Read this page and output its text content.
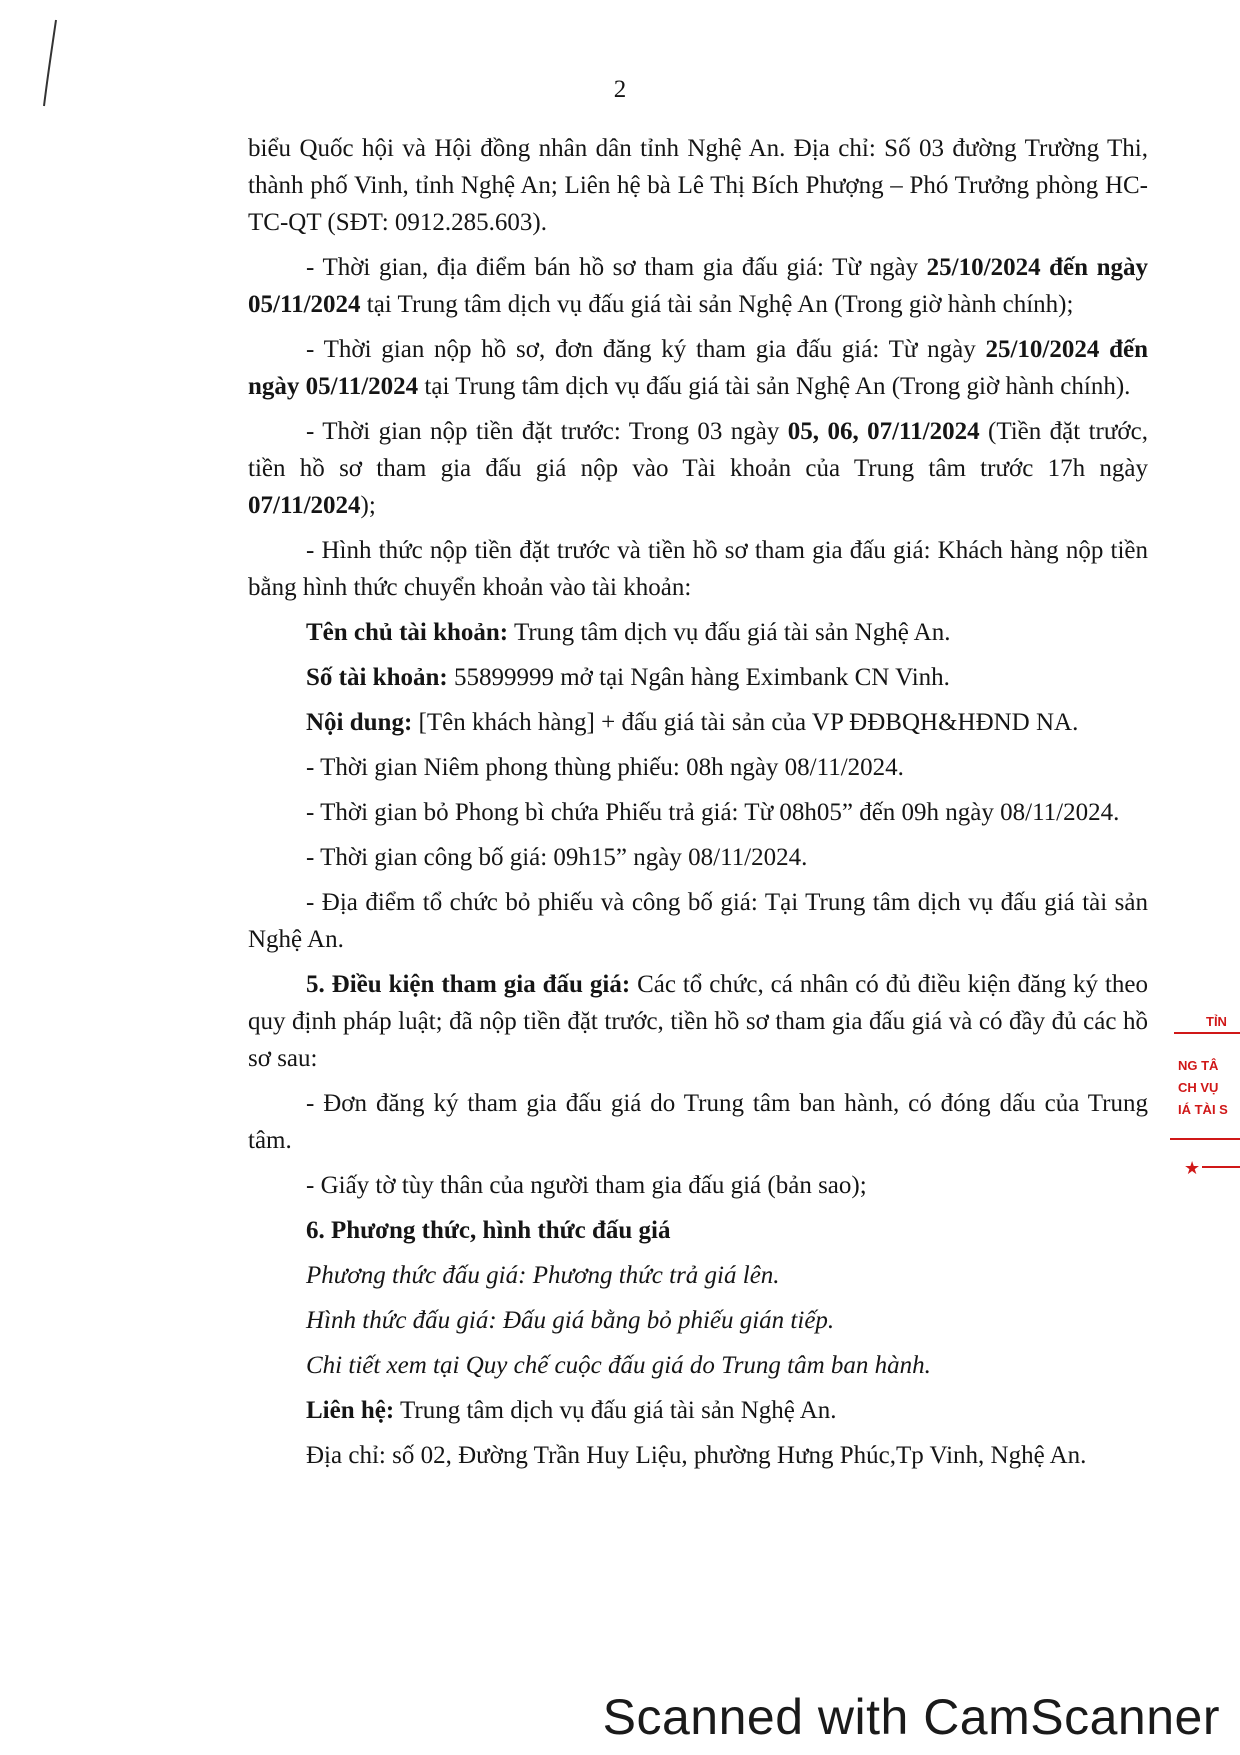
2

biểu Quốc hội và Hội đồng nhân dân tỉnh Nghệ An. Địa chỉ: Số 03 đường Trường Thi, thành phố Vinh, tỉnh Nghệ An; Liên hệ bà Lê Thị Bích Phượng – Phó Trưởng phòng HC-TC-QT (SĐT: 0912.285.603).

- Thời gian, địa điểm bán hồ sơ tham gia đấu giá: Từ ngày 25/10/2024 đến ngày 05/11/2024 tại Trung tâm dịch vụ đấu giá tài sản Nghệ An (Trong giờ hành chính);

- Thời gian nộp hồ sơ, đơn đăng ký tham gia đấu giá: Từ ngày 25/10/2024 đến ngày 05/11/2024 tại Trung tâm dịch vụ đấu giá tài sản Nghệ An (Trong giờ hành chính).

- Thời gian nộp tiền đặt trước: Trong 03 ngày 05, 06, 07/11/2024 (Tiền đặt trước, tiền hồ sơ tham gia đấu giá nộp vào Tài khoản của Trung tâm trước 17h ngày 07/11/2024);

- Hình thức nộp tiền đặt trước và tiền hồ sơ tham gia đấu giá: Khách hàng nộp tiền bằng hình thức chuyển khoản vào tài khoản:

Tên chủ tài khoản: Trung tâm dịch vụ đấu giá tài sản Nghệ An.

Số tài khoản: 55899999 mở tại Ngân hàng Eximbank CN Vinh.

Nội dung: [Tên khách hàng] + đấu giá tài sản của VP ĐĐBQH&HĐND NA.

- Thời gian Niêm phong thùng phiếu: 08h ngày 08/11/2024.

- Thời gian bỏ Phong bì chứa Phiếu trả giá: Từ 08h05” đến 09h ngày 08/11/2024.

- Thời gian công bố giá: 09h15” ngày 08/11/2024.

- Địa điểm tổ chức bỏ phiếu và công bố giá: Tại Trung tâm dịch vụ đấu giá tài sản Nghệ An.

5. Điều kiện tham gia đấu giá: Các tổ chức, cá nhân có đủ điều kiện đăng ký theo quy định pháp luật; đã nộp tiền đặt trước, tiền hồ sơ tham gia đấu giá và có đầy đủ các hồ sơ sau:

- Đơn đăng ký tham gia đấu giá do Trung tâm ban hành, có đóng dấu của Trung tâm.

- Giấy tờ tùy thân của người tham gia đấu giá (bản sao);

6. Phương thức, hình thức đấu giá

Phương thức đấu giá: Phương thức trả giá lên.

Hình thức đấu giá: Đấu giá bằng bỏ phiếu gián tiếp.

Chi tiết xem tại Quy chế cuộc đấu giá do Trung tâm ban hành.

Liên hệ: Trung tâm dịch vụ đấu giá tài sản Nghệ An.

Địa chỉ: số 02, Đường Trần Huy Liệu, phường Hưng Phúc,Tp Vinh, Nghệ An.

TỈN
NG TÂ
CH VỤ
IÁ TÀI S
★
Scanned with CamScanner
